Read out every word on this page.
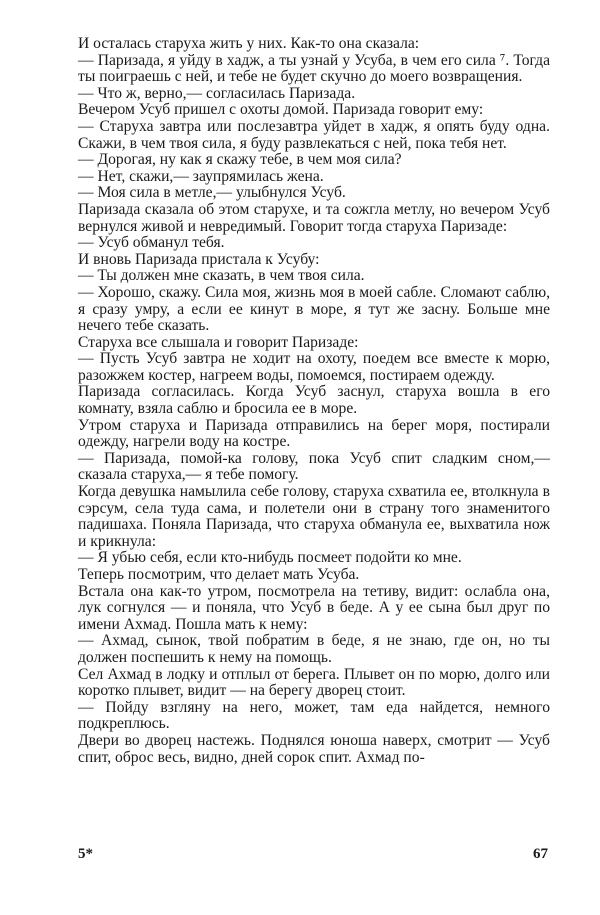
И осталась старуха жить у них. Как-то она сказала:

— Паризада, я уйду в хадж, а ты узнай у Усуба, в чем его сила ⁷. Тогда ты поиграешь с ней, и тебе не будет скучно до моего возвращения.

— Что ж, верно,— согласилась Паризада.

Вечером Усуб пришел с охоты домой. Паризада говорит ему:

— Старуха завтра или послезавтра уйдет в хадж, я опять буду одна. Скажи, в чем твоя сила, я буду развлекаться с ней, пока тебя нет.

— Дорогая, ну как я скажу тебе, в чем моя сила?

— Нет, скажи,— заупрямилась жена.

— Моя сила в метле,— улыбнулся Усуб.

Паризада сказала об этом старухе, и та сожгла метлу, но вечером Усуб вернулся живой и невредимый. Говорит тогда старуха Паризаде:

— Усуб обманул тебя.

И вновь Паризада пристала к Усубу:

— Ты должен мне сказать, в чем твоя сила.

— Хорошо, скажу. Сила моя, жизнь моя в моей сабле. Сломают саблю, я сразу умру, а если ее кинут в море, я тут же засну. Больше мне нечего тебе сказать.

Старуха все слышала и говорит Паризаде:

— Пусть Усуб завтра не ходит на охоту, поедем все вместе к морю, разожжем костер, нагреем воды, помоемся, постираем одежду.

Паризада согласилась. Когда Усуб заснул, старуха вошла в его комнату, взяла саблю и бросила ее в море.

Утром старуха и Паризада отправились на берег моря, постирали одежду, нагрели воду на костре.

— Паризада, помой-ка голову, пока Усуб спит сладким сном,— сказала старуха,— я тебе помогу.

Когда девушка намылила себе голову, старуха схватила ее, втолкнула в сэрсум, села туда сама, и полетели они в страну того знаменитого падишаха. Поняла Паризада, что старуха обманула ее, выхватила нож и крикнула:

— Я убью себя, если кто-нибудь посмеет подойти ко мне.

Теперь посмотрим, что делает мать Усуба.

Встала она как-то утром, посмотрела на тетиву, видит: ослабла она, лук согнулся — и поняла, что Усуб в беде. А у ее сына был друг по имени Ахмад. Пошла мать к нему:

— Ахмад, сынок, твой побратим в беде, я не знаю, где он, но ты должен поспешить к нему на помощь.

Сел Ахмад в лодку и отплыл от берега. Плывет он по морю, долго или коротко плывет, видит — на берегу дворец стоит.

— Пойду взгляну на него, может, там еда найдется, немного подкреплюсь.

Двери во дворец настежь. Поднялся юноша наверх, смотрит — Усуб спит, оброс весь, видно, дней сорок спит. Ахмад по-

5*	67
